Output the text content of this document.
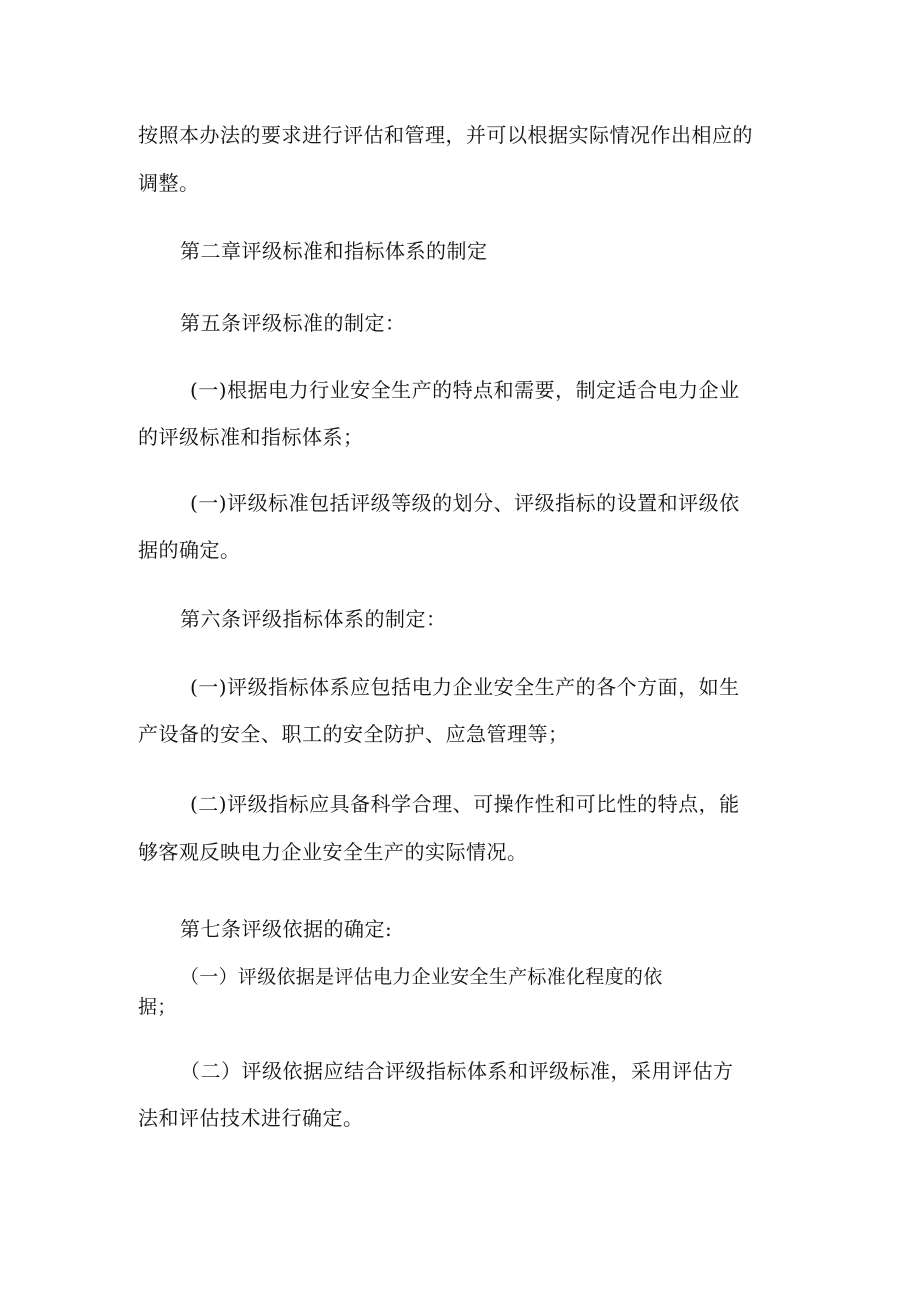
按照本办法的要求进行评估和管理，并可以根据实际情况作出相应的
调整。
第二章评级标准和指标体系的制定
第五条评级标准的制定：
(一)根据电力行业安全生产的特点和需要，制定适合电力企业
的评级标准和指标体系；
(一)评级标准包括评级等级的划分、评级指标的设置和评级依
据的确定。
第六条评级指标体系的制定：
(一)评级指标体系应包括电力企业安全生产的各个方面，如生
产设备的安全、职工的安全防护、应急管理等；
(二)评级指标应具备科学合理、可操作性和可比性的特点，能
够客观反映电力企业安全生产的实际情况。
第七条评级依据的确定:
（一）评级依据是评估电力企业安全生产标准化程度的依
据；
（二）评级依据应结合评级指标体系和评级标准，采用评估方
法和评估技术进行确定。
